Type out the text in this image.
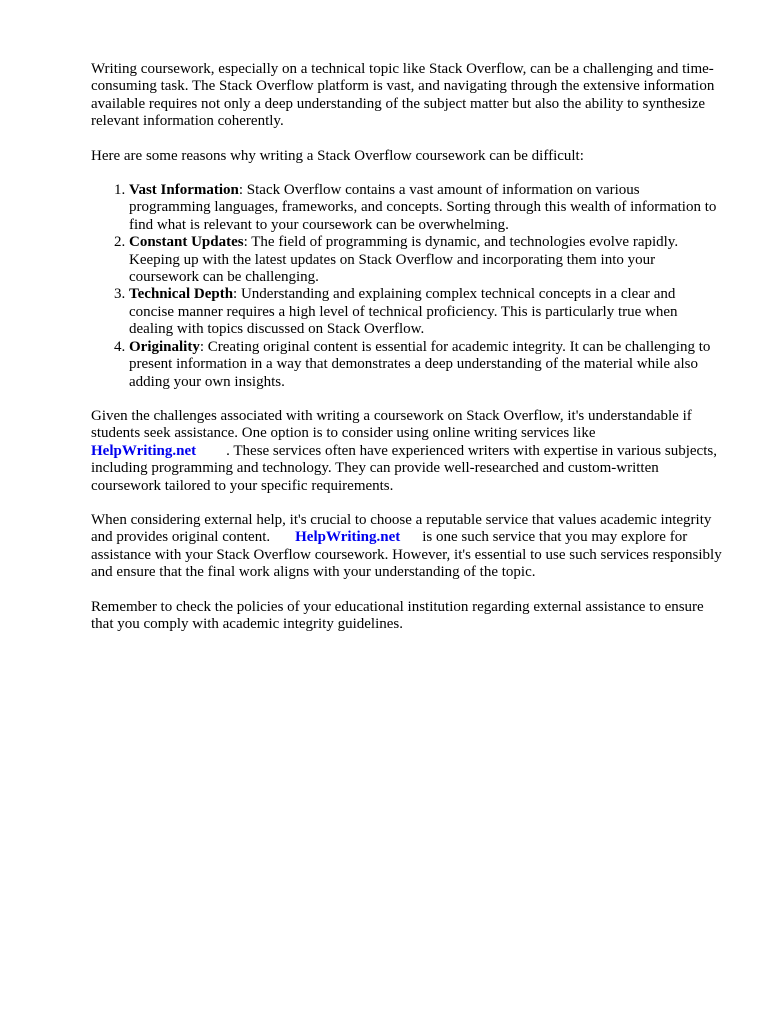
Writing coursework, especially on a technical topic like Stack Overflow, can be a challenging and time-consuming task. The Stack Overflow platform is vast, and navigating through the extensive information available requires not only a deep understanding of the subject matter but also the ability to synthesize relevant information coherently.

Here are some reasons why writing a Stack Overflow coursework can be difficult:

1. Vast Information: Stack Overflow contains a vast amount of information on various programming languages, frameworks, and concepts. Sorting through this wealth of information to find what is relevant to your coursework can be overwhelming.
2. Constant Updates: The field of programming is dynamic, and technologies evolve rapidly. Keeping up with the latest updates on Stack Overflow and incorporating them into your coursework can be challenging.
3. Technical Depth: Understanding and explaining complex technical concepts in a clear and concise manner requires a high level of technical proficiency. This is particularly true when dealing with topics discussed on Stack Overflow.
4. Originality: Creating original content is essential for academic integrity. It can be challenging to present information in a way that demonstrates a deep understanding of the material while also adding your own insights.

Given the challenges associated with writing a coursework on Stack Overflow, it's understandable if students seek assistance. One option is to consider using online writing services like
HelpWriting.net . These services often have experienced writers with expertise in various subjects, including programming and technology. They can provide well-researched and custom-written coursework tailored to your specific requirements.

When considering external help, it's crucial to choose a reputable service that values academic integrity and provides original content. HelpWriting.net is one such service that you may explore for assistance with your Stack Overflow coursework. However, it's essential to use such services responsibly and ensure that the final work aligns with your understanding of the topic.

Remember to check the policies of your educational institution regarding external assistance to ensure that you comply with academic integrity guidelines.
